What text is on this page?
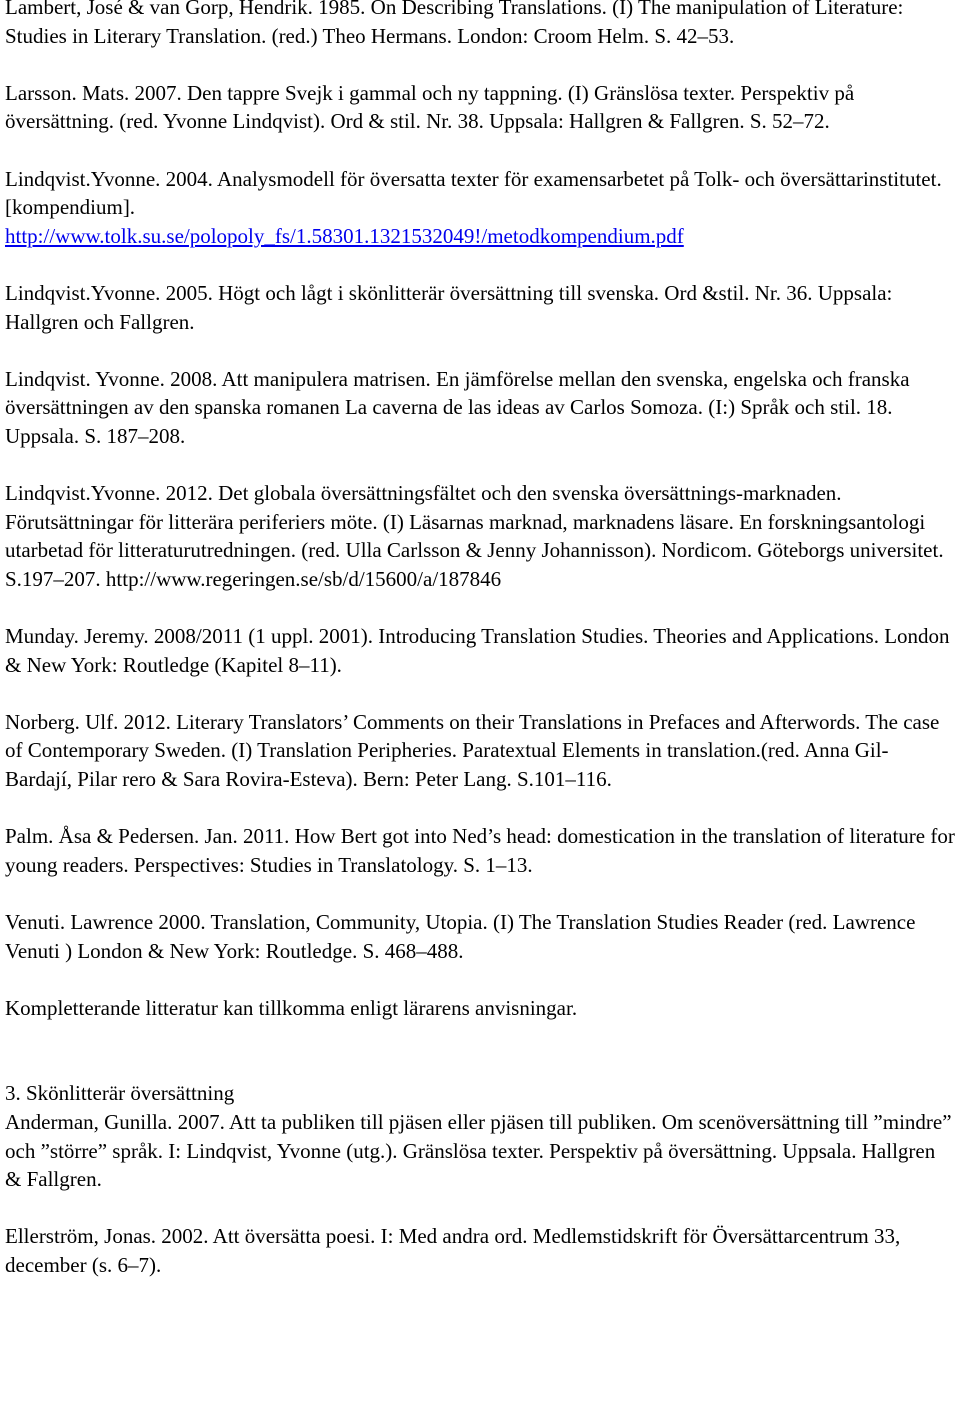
Lambert, José & van Gorp, Hendrik. 1985. On Describing Translations. (I) The manipulation of Literature: Studies in Literary Translation. (red.) Theo Hermans. London: Croom Helm. S. 42–53.

Larsson. Mats. 2007. Den tappre Svejk i gammal och ny tappning. (I) Gränslösa texter. Perspektiv på översättning. (red. Yvonne Lindqvist). Ord & stil. Nr. 38. Uppsala: Hallgren & Fallgren. S. 52–72.

Lindqvist.Yvonne. 2004. Analysmodell för översatta texter för examensarbetet på Tolk- och översättarinstitutet. [kompendium].
http://www.tolk.su.se/polopoly_fs/1.58301.1321532049!/metodkompendium.pdf

Lindqvist.Yvonne. 2005. Högt och lågt i skönlitterär översättning till svenska. Ord &stil. Nr. 36. Uppsala: Hallgren och Fallgren.

Lindqvist. Yvonne. 2008. Att manipulera matrisen. En jämförelse mellan den svenska, engelska och franska översättningen av den spanska romanen La caverna de las ideas av Carlos Somoza. (I:) Språk och stil. 18. Uppsala. S. 187–208.

Lindqvist.Yvonne. 2012. Det globala översättningsfältet och den svenska översättnings-marknaden. Förutsättningar för litterära periferiers möte. (I) Läsarnas marknad, marknadens läsare. En forskningsantologi utarbetad för litteraturutredningen. (red. Ulla Carlsson & Jenny Johannisson). Nordicom. Göteborgs universitet. S.197–207. http://www.regeringen.se/sb/d/15600/a/187846

Munday. Jeremy. 2008/2011 (1 uppl. 2001). Introducing Translation Studies. Theories and Applications. London & New York: Routledge (Kapitel 8–11).

Norberg. Ulf. 2012. Literary Translators’ Comments on their Translations in Prefaces and Afterwords. The case of Contemporary Sweden. (I) Translation Peripheries. Paratextual Elements in translation.(red. Anna Gil-Bardají, Pilar rero & Sara Rovira-Esteva). Bern: Peter Lang. S.101–116.

Palm. Åsa & Pedersen. Jan. 2011. How Bert got into Ned’s head: domestication in the translation of literature for young readers. Perspectives: Studies in Translatology. S. 1–13.

Venuti. Lawrence 2000. Translation, Community, Utopia. (I) The Translation Studies Reader (red. Lawrence Venuti ) London & New York: Routledge. S. 468–488.

Kompletterande litteratur kan tillkomma enligt lärarens anvisningar.

3. Skönlitterär översättning

Anderman, Gunilla. 2007. Att ta publiken till pjäsen eller pjäsen till publiken. Om scenöversättning till ”mindre” och ”större” språk. I: Lindqvist, Yvonne (utg.). Gränslösa texter. Perspektiv på översättning. Uppsala. Hallgren & Fallgren.

Ellerström, Jonas. 2002. Att översätta poesi. I: Med andra ord. Medlemstidskrift för Översättarcentrum 33, december (s. 6–7).
